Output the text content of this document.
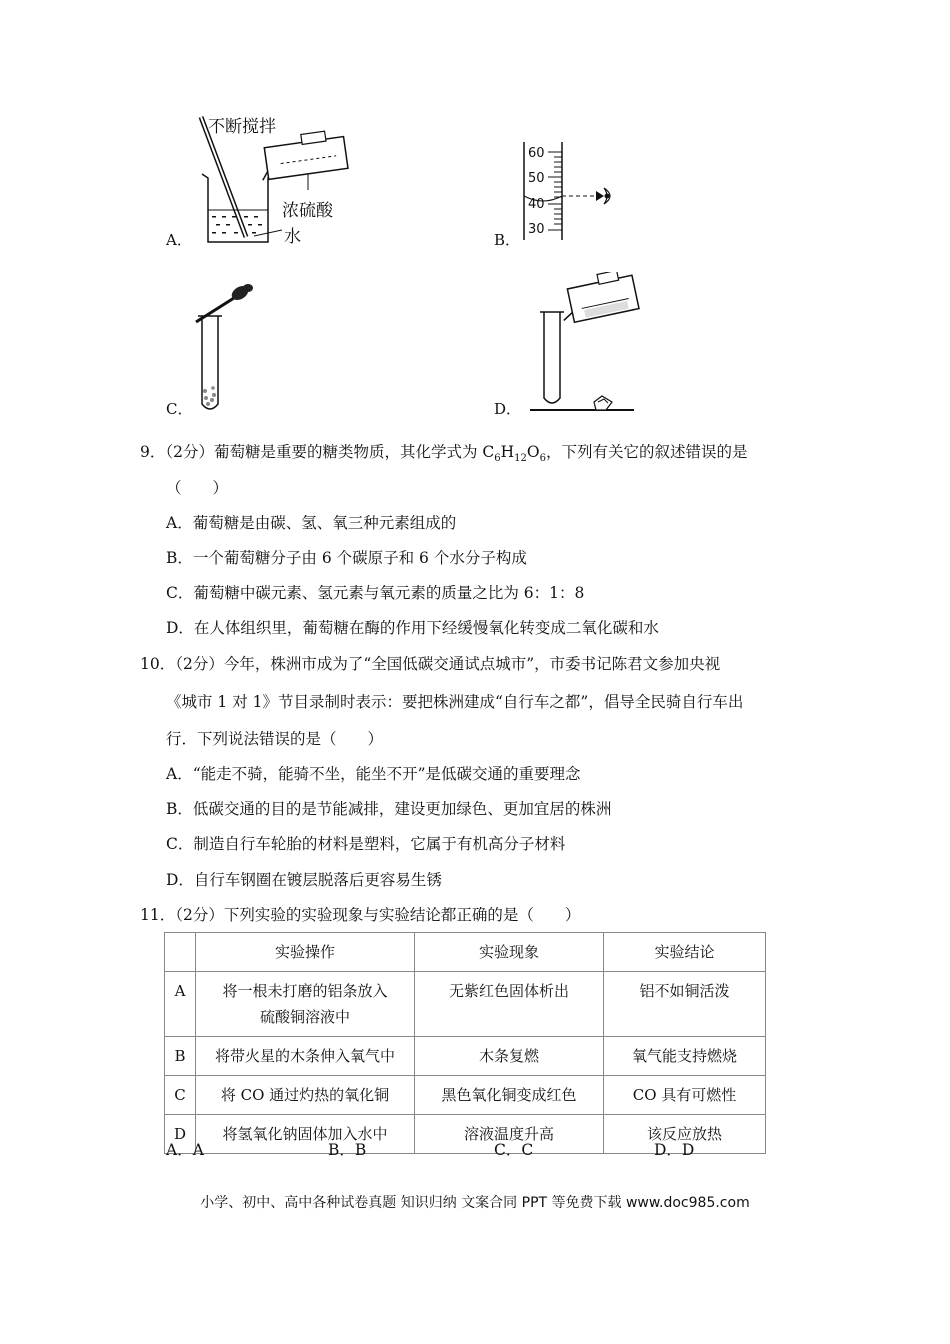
A．
不断搅拌
浓硫酸
水	B．
60
50
40
30
C．	D．
9．（2分）葡萄糖是重要的糖类物质，其化学式为 $C_6H_{12}O_6$，下列有关它的叙述错误的是
（　　）
A．葡萄糖是由碳、氢、氧三种元素组成的
B．一个葡萄糖分子由 6 个碳原子和 6 个水分子构成
C．葡萄糖中碳元素、氢元素与氧元素的质量之比为 6：1：8
D．在人体组织里，葡萄糖在酶的作用下经缓慢氧化转变成二氧化碳和水
10．（2分）今年，株洲市成为了“全国低碳交通试点城市”，市委书记陈君文参加央视
《城市 1 对 1》节目录制时表示：要把株洲建成“自行车之都”，倡导全民骑自行车出
行．下列说法错误的是（　　）
A．“能走不骑，能骑不坐，能坐不开”是低碳交通的重要理念
B．低碳交通的目的是节能减排，建设更加绿色、更加宜居的株洲
C．制造自行车轮胎的材料是塑料，它属于有机高分子材料
D．自行车钢圈在镀层脱落后更容易生锈
11．（2分）下列实验的实验现象与实验结论都正确的是（　　）
	实验操作	实验现象	实验结论
A	将一根未打磨的铝条放入
硫酸铜溶液中	无紫红色固体析出	铝不如铜活泼
B	将带火星的木条伸入氧气中	木条复燃	氧气能支持燃烧
C	将 CO 通过灼热的氧化铜	黑色氧化铜变成红色	CO 具有可燃性
D	将氢氧化钠固体加入水中	溶液温度升高	该反应放热
A．A	B．B	C．C	D．D
小学、初中、高中各种试卷真题 知识归纳 文案合同 PPT 等免费下载 www.doc985.com
